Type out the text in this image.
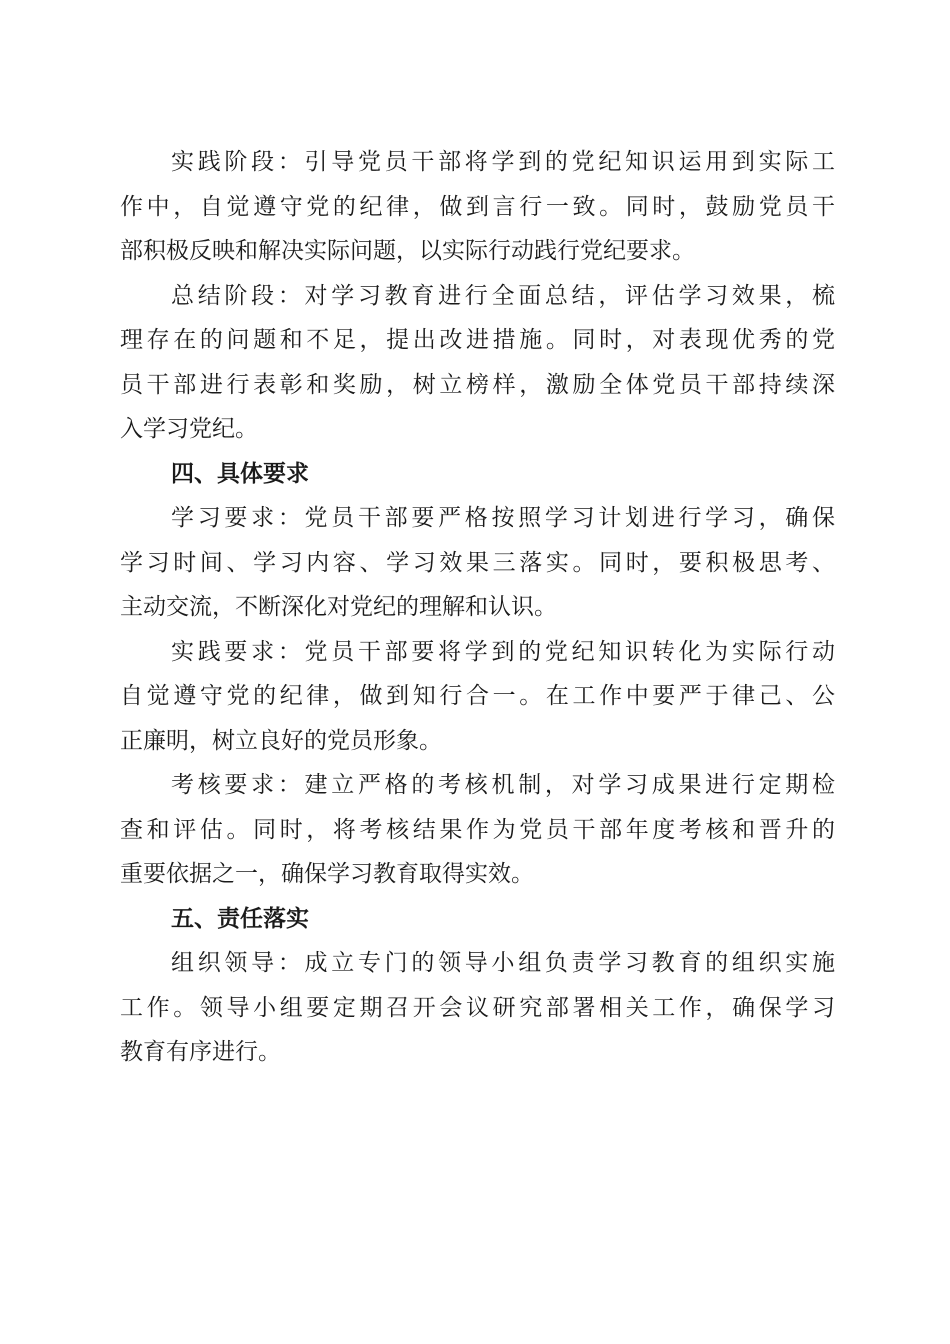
实践阶段：引导党员干部将学到的党纪知识运用到实际工
作中，自觉遵守党的纪律，做到言行一致。同时，鼓励党员干
部积极反映和解决实际问题，以实际行动践行党纪要求。
总结阶段：对学习教育进行全面总结，评估学习效果，梳
理存在的问题和不足，提出改进措施。同时，对表现优秀的党
员干部进行表彰和奖励，树立榜样，激励全体党员干部持续深
入学习党纪。
四、具体要求
学习要求：党员干部要严格按照学习计划进行学习，确保
学习时间、学习内容、学习效果三落实。同时，要积极思考、
主动交流，不断深化对党纪的理解和认识。
实践要求：党员干部要将学到的党纪知识转化为实际行动
自觉遵守党的纪律，做到知行合一。在工作中要严于律己、公
正廉明，树立良好的党员形象。
考核要求：建立严格的考核机制，对学习成果进行定期检
查和评估。同时，将考核结果作为党员干部年度考核和晋升的
重要依据之一，确保学习教育取得实效。
五、责任落实
组织领导：成立专门的领导小组负责学习教育的组织实施
工作。领导小组要定期召开会议研究部署相关工作，确保学习
教育有序进行。
